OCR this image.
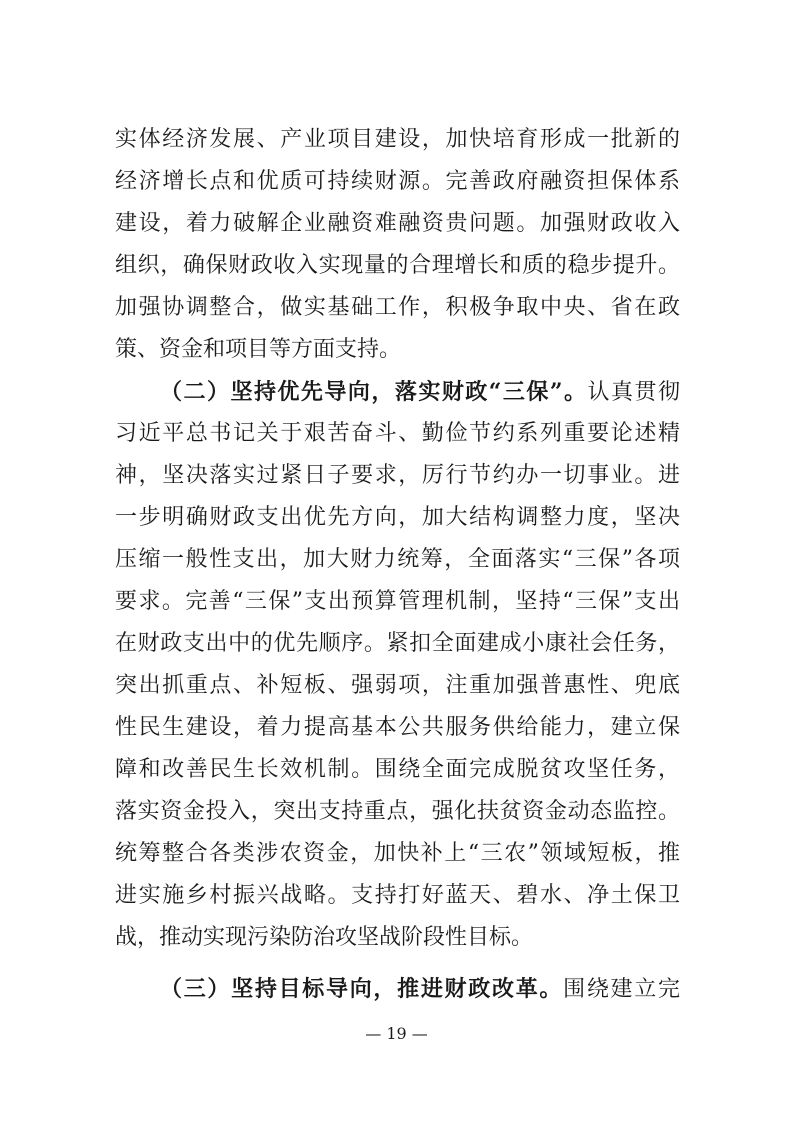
实体经济发展、产业项目建设，加快培育形成一批新的
经济增长点和优质可持续财源。完善政府融资担保体系
建设，着力破解企业融资难融资贵问题。加强财政收入
组织，确保财政收入实现量的合理增长和质的稳步提升。
加强协调整合，做实基础工作，积极争取中央、省在政
策、资金和项目等方面支持。
（二）坚持优先导向，落实财政“三保”。认真贯彻
习近平总书记关于艰苦奋斗、勤俭节约系列重要论述精
神，坚决落实过紧日子要求，厉行节约办一切事业。进
一步明确财政支出优先方向，加大结构调整力度，坚决
压缩一般性支出，加大财力统筹，全面落实“三保”各项
要求。完善“三保”支出预算管理机制，坚持“三保”支出
在财政支出中的优先顺序。紧扣全面建成小康社会任务，
突出抓重点、补短板、强弱项，注重加强普惠性、兜底
性民生建设，着力提高基本公共服务供给能力，建立保
障和改善民生长效机制。围绕全面完成脱贫攻坚任务，
落实资金投入，突出支持重点，强化扶贫资金动态监控。
统筹整合各类涉农资金，加快补上“三农”领域短板，推
进实施乡村振兴战略。支持打好蓝天、碧水、净土保卫
战，推动实现污染防治攻坚战阶段性目标。
（三）坚持目标导向，推进财政改革。围绕建立完
— 19 —
